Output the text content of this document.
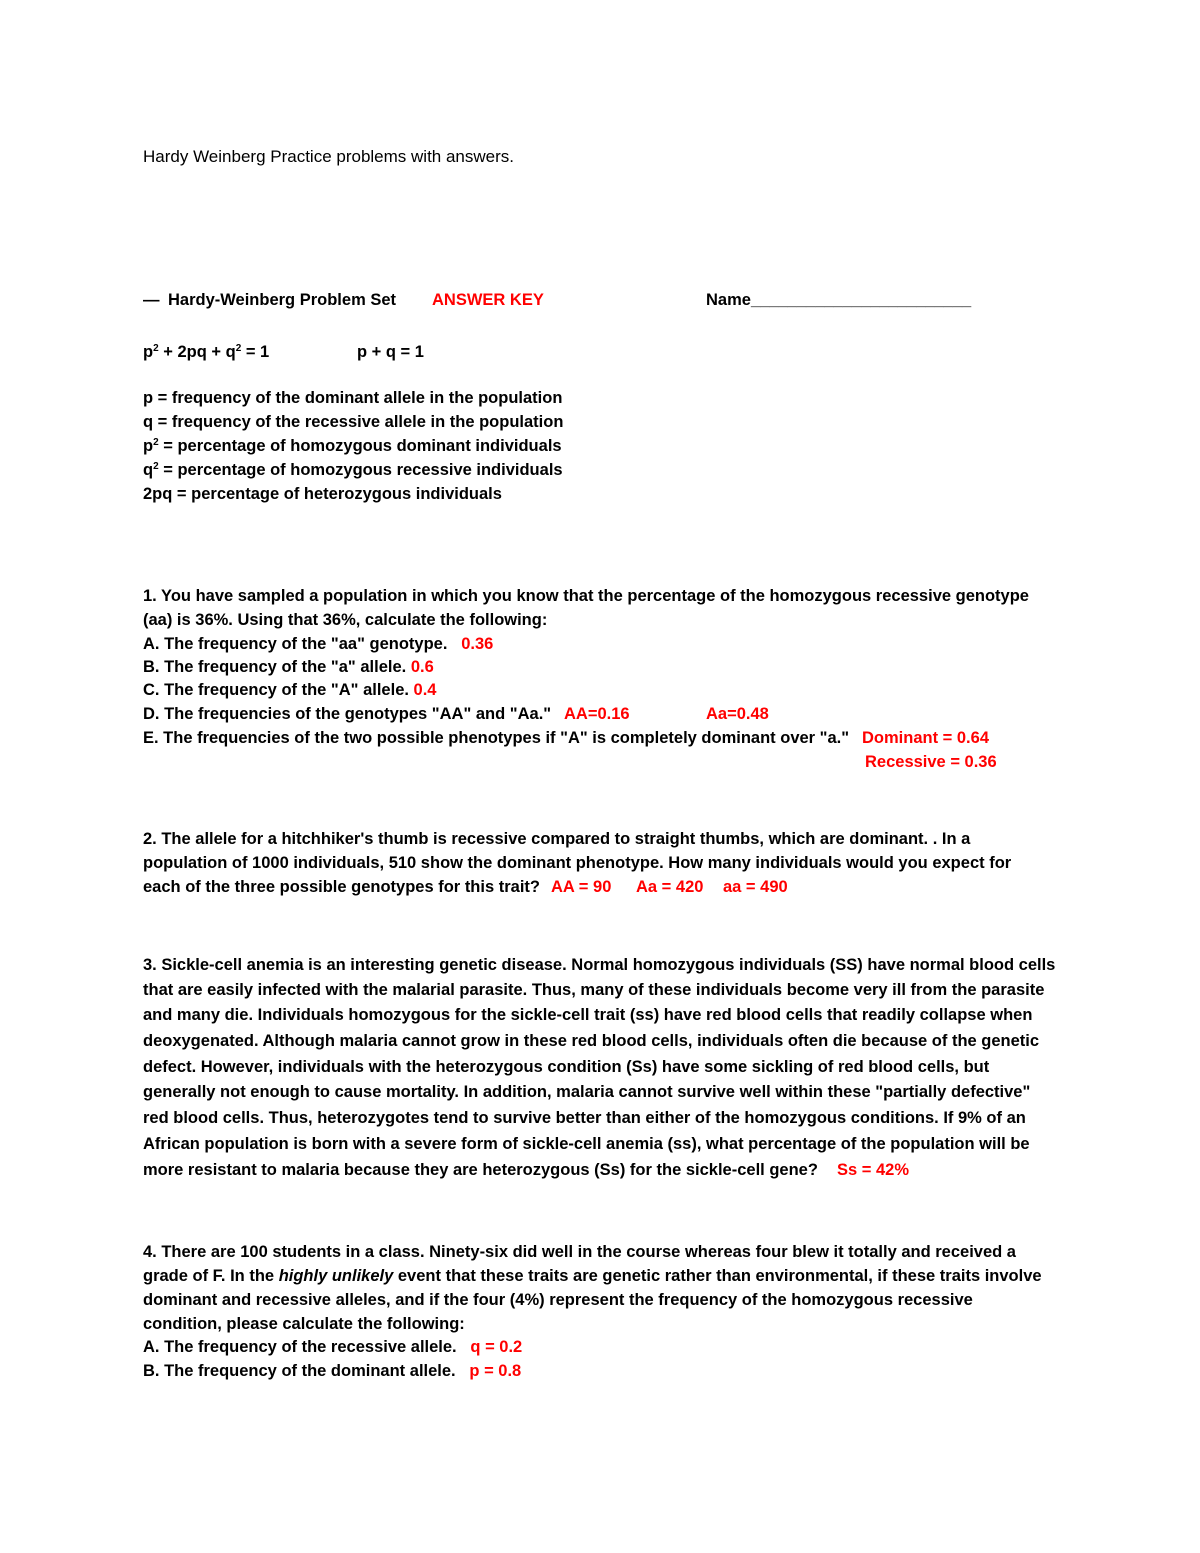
Hardy Weinberg Practice problems with answers.
— Hardy-Weinberg Problem Set ANSWER KEY	Name________________________
$p^2 + 2pq + q^2 = 1$	p + q = 1
p = frequency of the dominant allele in the population
q = frequency of the recessive allele in the population
$p^2$ = percentage of homozygous dominant individuals
$q^2$ = percentage of homozygous recessive individuals
2pq = percentage of heterozygous individuals
1. You have sampled a population in which you know that the percentage of the homozygous recessive genotype
(aa) is 36%. Using that 36%, calculate the following:
A. The frequency of the "aa" genotype. 0.36
B. The frequency of the "a" allele. 0.6
C. The frequency of the "A" allele. 0.4
D. The frequencies of the genotypes "AA" and "Aa." AA=0.16	Aa=0.48
E. The frequencies of the two possible phenotypes if "A" is completely dominant over "a." Dominant = 0.64
Recessive = 0.36
2. The allele for a hitchhiker's thumb is recessive compared to straight thumbs, which are dominant. . In a
population of 1000 individuals, 510 show the dominant phenotype. How many individuals would you expect for
each of the three possible genotypes for this trait? AA = 90 Aa = 420 aa = 490
3. Sickle-cell anemia is an interesting genetic disease. Normal homozygous individuals (SS) have normal blood cells
that are easily infected with the malarial parasite. Thus, many of these individuals become very ill from the parasite
and many die. Individuals homozygous for the sickle-cell trait (ss) have red blood cells that readily collapse when
deoxygenated. Although malaria cannot grow in these red blood cells, individuals often die because of the genetic
defect. However, individuals with the heterozygous condition (Ss) have some sickling of red blood cells, but
generally not enough to cause mortality. In addition, malaria cannot survive well within these "partially defective"
red blood cells. Thus, heterozygotes tend to survive better than either of the homozygous conditions. If 9% of an
African population is born with a severe form of sickle-cell anemia (ss), what percentage of the population will be
more resistant to malaria because they are heterozygous (Ss) for the sickle-cell gene? Ss = 42%
4. There are 100 students in a class. Ninety-six did well in the course whereas four blew it totally and received a
grade of F. In the highly unlikely event that these traits are genetic rather than environmental, if these traits involve
dominant and recessive alleles, and if the four (4%) represent the frequency of the homozygous recessive
condition, please calculate the following:
A. The frequency of the recessive allele. q = 0.2
B. The frequency of the dominant allele. p = 0.8
